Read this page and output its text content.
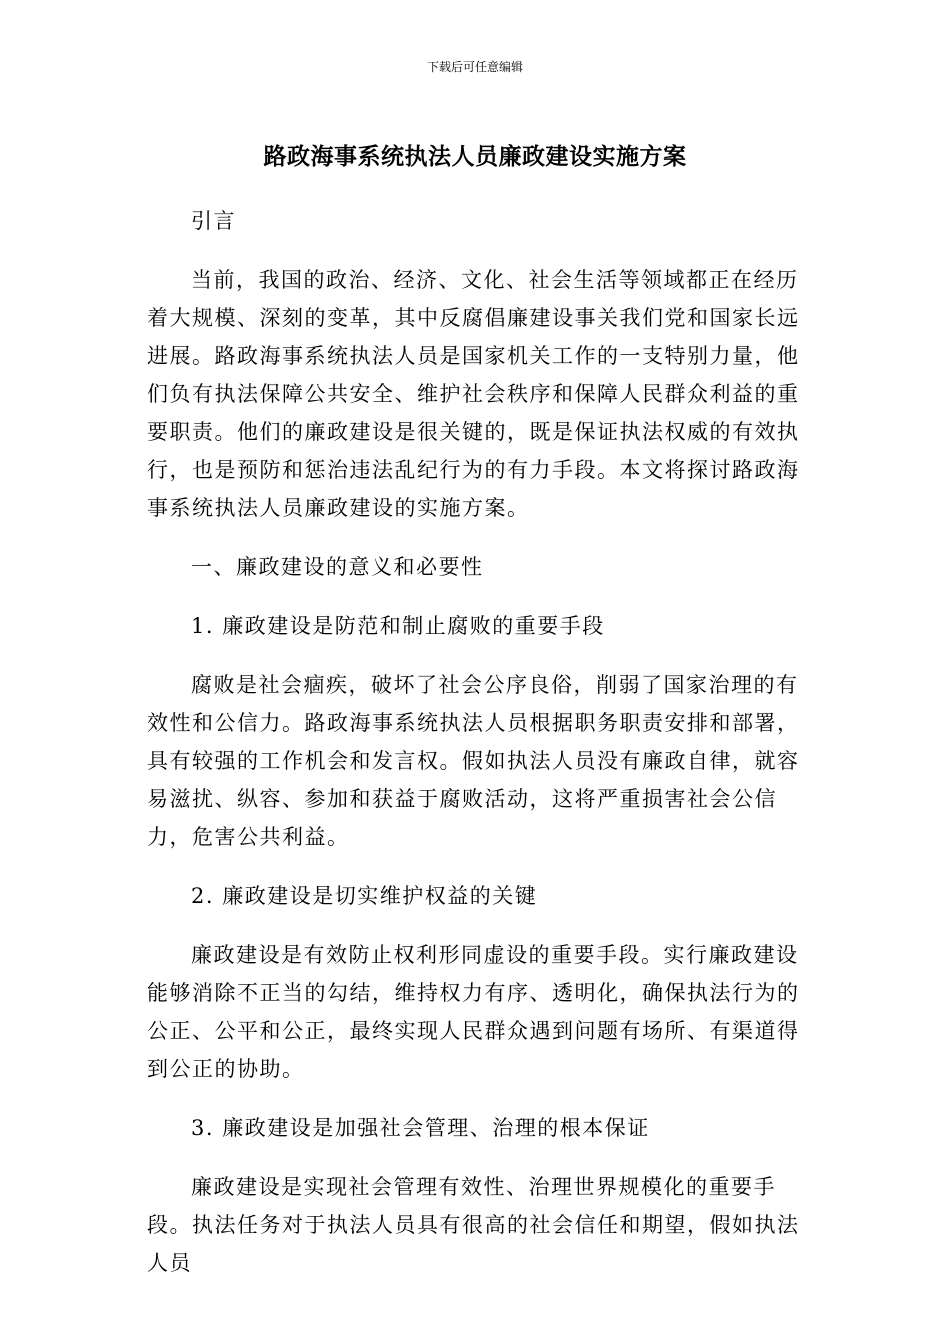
下载后可任意编辑
路政海事系统执法人员廉政建设实施方案

引言

当前，我国的政治、经济、文化、社会生活等领域都正在经历着大规模、深刻的变革，其中反腐倡廉建设事关我们党和国家长远进展。路政海事系统执法人员是国家机关工作的一支特别力量，他们负有执法保障公共安全、维护社会秩序和保障人民群众利益的重要职责。他们的廉政建设是很关键的，既是保证执法权威的有效执行，也是预防和惩治违法乱纪行为的有力手段。本文将探讨路政海事系统执法人员廉政建设的实施方案。

一、廉政建设的意义和必要性

1. 廉政建设是防范和制止腐败的重要手段

腐败是社会痼疾，破坏了社会公序良俗，削弱了国家治理的有效性和公信力。路政海事系统执法人员根据职务职责安排和部署，具有较强的工作机会和发言权。假如执法人员没有廉政自律，就容易滋扰、纵容、参加和获益于腐败活动，这将严重损害社会公信力，危害公共利益。

2. 廉政建设是切实维护权益的关键

廉政建设是有效防止权利形同虚设的重要手段。实行廉政建设能够消除不正当的勾结，维持权力有序、透明化，确保执法行为的公正、公平和公正，最终实现人民群众遇到问题有场所、有渠道得到公正的协助。

3. 廉政建设是加强社会管理、治理的根本保证

廉政建设是实现社会管理有效性、治理世界规模化的重要手段。执法任务对于执法人员具有很高的社会信任和期望，假如执法人员
